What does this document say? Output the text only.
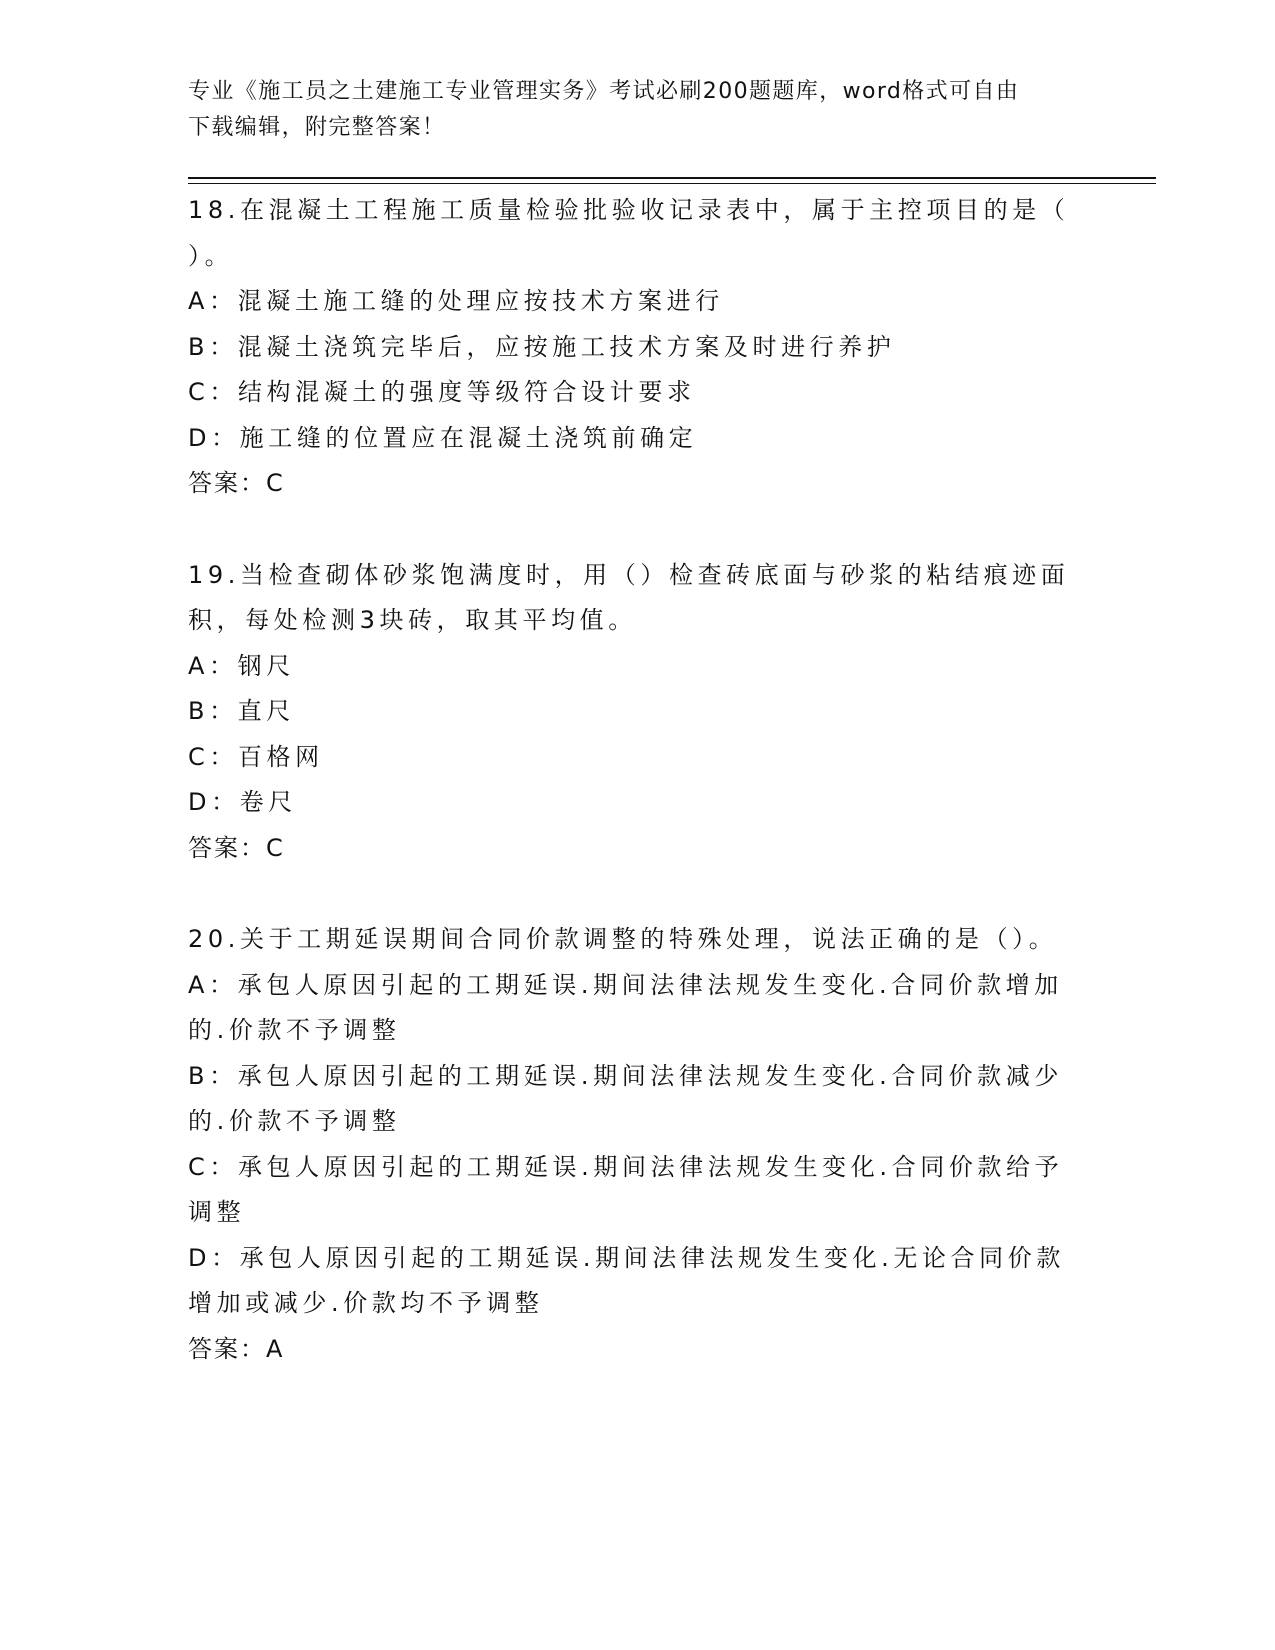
专业《施工员之土建施工专业管理实务》考试必刷200题题库，word格式可自由
下载编辑，附完整答案！

18.在混凝土工程施工质量检验批验收记录表中，属于主控项目的是（

）。

A：混凝土施工缝的处理应按技术方案进行

B：混凝土浇筑完毕后，应按施工技术方案及时进行养护

C：结构混凝土的强度等级符合设计要求

D：施工缝的位置应在混凝土浇筑前确定

答案：C

19.当检查砌体砂浆饱满度时，用（）检查砖底面与砂浆的粘结痕迹面

积，每处检测3块砖，取其平均值。

A：钢尺

B：直尺

C：百格网

D：卷尺

答案：C

20.关于工期延误期间合同价款调整的特殊处理，说法正确的是（）。

A：承包人原因引起的工期延误.期间法律法规发生变化.合同价款增加

的.价款不予调整

B：承包人原因引起的工期延误.期间法律法规发生变化.合同价款减少

的.价款不予调整

C：承包人原因引起的工期延误.期间法律法规发生变化.合同价款给予

调整

D：承包人原因引起的工期延误.期间法律法规发生变化.无论合同价款

增加或减少.价款均不予调整

答案：A
